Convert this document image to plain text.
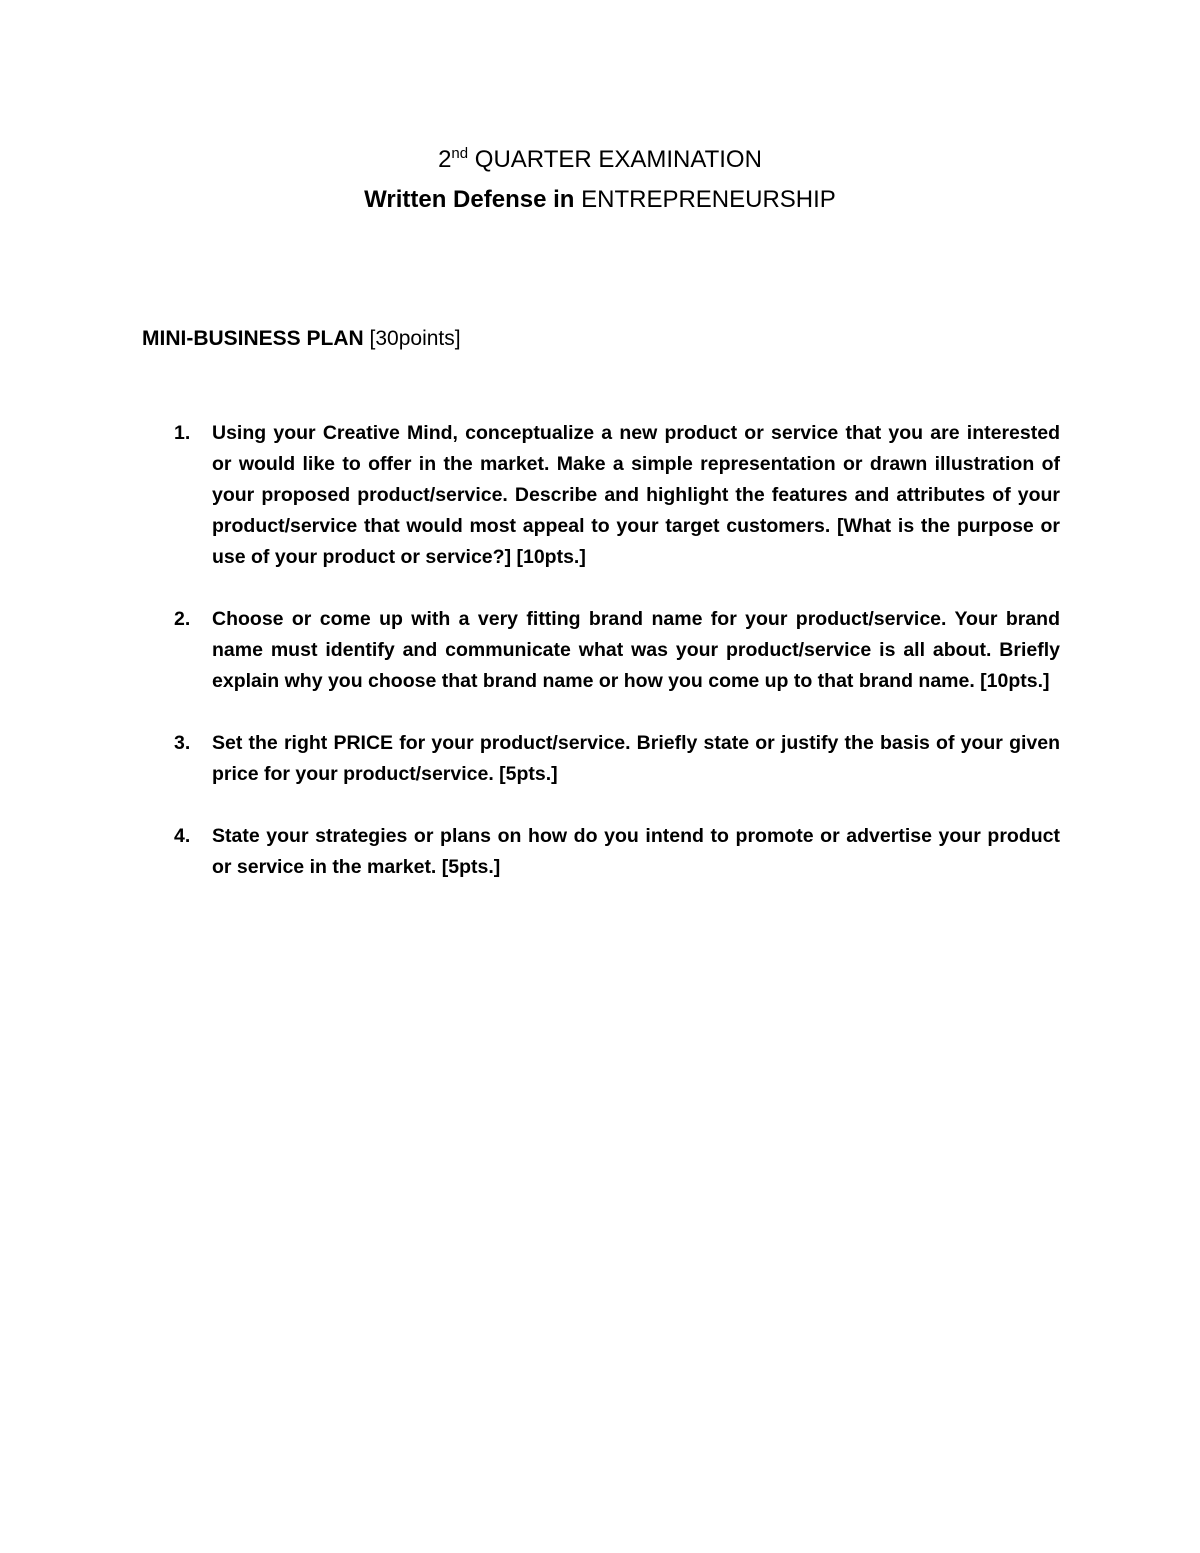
2nd QUARTER EXAMINATION
Written Defense in ENTREPRENEURSHIP
MINI-BUSINESS PLAN [30points]
1. Using your Creative Mind, conceptualize a new product or service that you are interested or would like to offer in the market. Make a simple representation or drawn illustration of your proposed product/service. Describe and highlight the features and attributes of your product/service that would most appeal to your target customers. [What is the purpose or use of your product or service?] [10pts.]
2. Choose or come up with a very fitting brand name for your product/service. Your brand name must identify and communicate what was your product/service is all about. Briefly explain why you choose that brand name or how you come up to that brand name. [10pts.]
3. Set the right PRICE for your product/service. Briefly state or justify the basis of your given price for your product/service. [5pts.]
4. State your strategies or plans on how do you intend to promote or advertise your product or service in the market. [5pts.]
